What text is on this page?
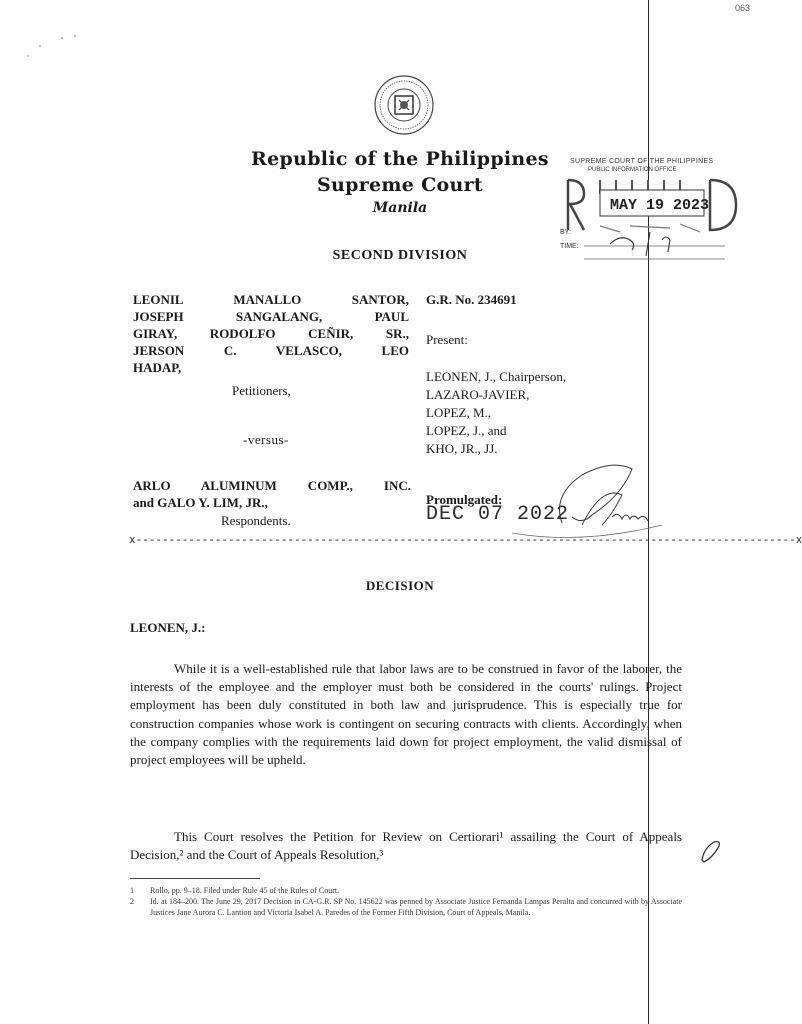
063
Republic of the Philippines
Supreme Court
Manila
SECOND DIVISION
SUPREME COURT OF THE PHILIPPINES
PUBLIC INFORMATION OFFICE
MAY 19 2023
BY:
TIME:
LEONIL MANALLO SANTOR,
JOSEPH SANGALANG, PAUL
GIRAY, RODOLFO CEÑIR, SR.,
JERSON C. VELASCO, LEO
HADAP,
Petitioners,
-versus-
ARLO ALUMINUM COMP., INC.
and GALO Y. LIM, JR.,
Respondents.
G.R. No. 234691
Present:
LEONEN, J., Chairperson,
LAZARO-JAVIER,
LOPEZ, M.,
LOPEZ, J., and
KHO, JR., JJ.
Promulgated:
DEC 07 2022
x----------------------------------------------------------------------------------------------------x
DECISION
LEONEN, J.:
While it is a well-established rule that labor laws are to be construed in favor of the laborer, the interests of the employee and the employer must both be considered in the courts' rulings. Project employment has been duly constituted in both law and jurisprudence. This is especially true for construction companies whose work is contingent on securing contracts with clients. Accordingly, when the company complies with the requirements laid down for project employment, the valid dismissal of project employees will be upheld.
This Court resolves the Petition for Review on Certiorari¹ assailing the Court of Appeals Decision,² and the Court of Appeals Resolution,³
1	Rollo, pp. 9–18. Filed under Rule 45 of the Rules of Court.
2	Id. at 184–200. The June 29, 2017 Decision in CA-G.R. SP No. 145622 was penned by Associate Justice Fernanda Lampas Peralta and concurred with by Associate Justices Jane Aurora C. Lantion and Victoria Isabel A. Paredes of the Former Fifth Division, Court of Appeals, Manila.
